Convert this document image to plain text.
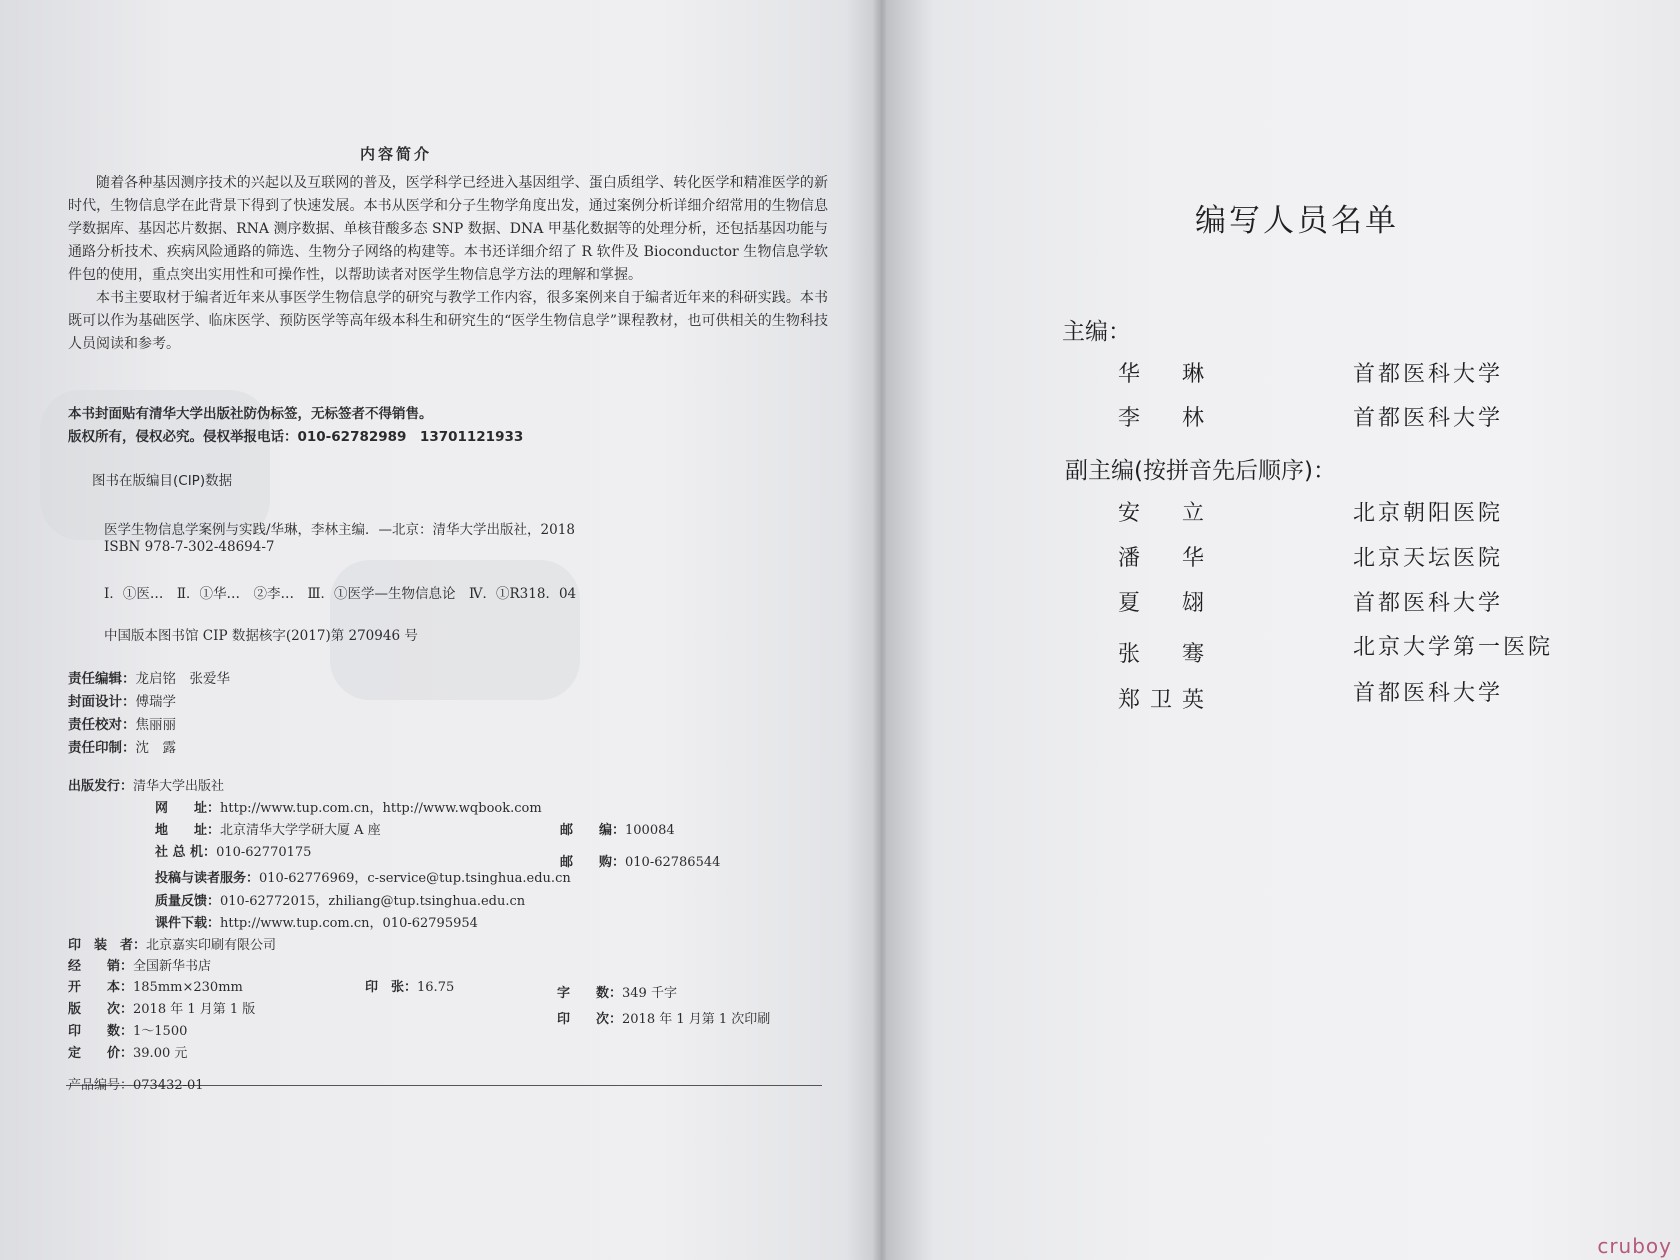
内容简介

随着各种基因测序技术的兴起以及互联网的普及，医学科学已经进入基因组学、蛋白质组学、转化医学和精准医学的新时代，生物信息学在此背景下得到了快速发展。本书从医学和分子生物学角度出发，通过案例分析详细介绍常用的生物信息学数据库、基因芯片数据、RNA 测序数据、单核苷酸多态 SNP 数据、DNA 甲基化数据等的处理分析，还包括基因功能与通路分析技术、疾病风险通路的筛选、生物分子网络的构建等。本书还详细介绍了 R 软件及 Bioconductor 生物信息学软件包的使用，重点突出实用性和可操作性，以帮助读者对医学生物信息学方法的理解和掌握。

本书主要取材于编者近年来从事医学生物信息学的研究与教学工作内容，很多案例来自于编者近年来的科研实践。本书既可以作为基础医学、临床医学、预防医学等高年级本科生和研究生的“医学生物信息学”课程教材，也可供相关的生物科技人员阅读和参考。

本书封面贴有清华大学出版社防伪标签，无标签者不得销售。

版权所有，侵权必究。侵权举报电话：010-62782989　13701121933

图书在版编目(CIP)数据
医学生物信息学案例与实践/华琳，李林主编．—北京：清华大学出版社，2018
ISBN 978-7-302-48694-7
Ⅰ．①医…　Ⅱ．①华…　②李…　Ⅲ．①医学—生物信息论　Ⅳ．①R318．04
中国版本图书馆 CIP 数据核字(2017)第 270946 号
责任编辑：龙启铭　张爱华
封面设计：傅瑞学
责任校对：焦丽丽
责任印制：沈　露
出版发行：清华大学出版社
网　　址：http://www.tup.com.cn，http://www.wqbook.com
地　　址：北京清华大学学研大厦 A 座	邮　　编：100084
社 总 机：010-62770175
邮　　购：010-62786544
投稿与读者服务：010-62776969，c-service@tup.tsinghua.edu.cn
质量反馈：010-62772015，zhiliang@tup.tsinghua.edu.cn
课件下载：http://www.tup.com.cn，010-62795954
印　装　者：北京嘉实印刷有限公司
经　　销：全国新华书店
开　　本：185mm×230mm	印　张：16.75	字　　数：349 千字
版　　次：2018 年 1 月第 1 版
印　　次：2018 年 1 月第 1 次印刷
印　　数：1～1500
定　　价：39.00 元
产品编号：073432-01
编写人员名单
主编：
华　琳	首都医科大学
李　林	首都医科大学
副主编(按拼音先后顺序)：
安　立	北京朝阳医院
潘　华	北京天坛医院
夏　翃	首都医科大学
张　骞	北京大学第一医院
郑卫英	首都医科大学
cruboy
